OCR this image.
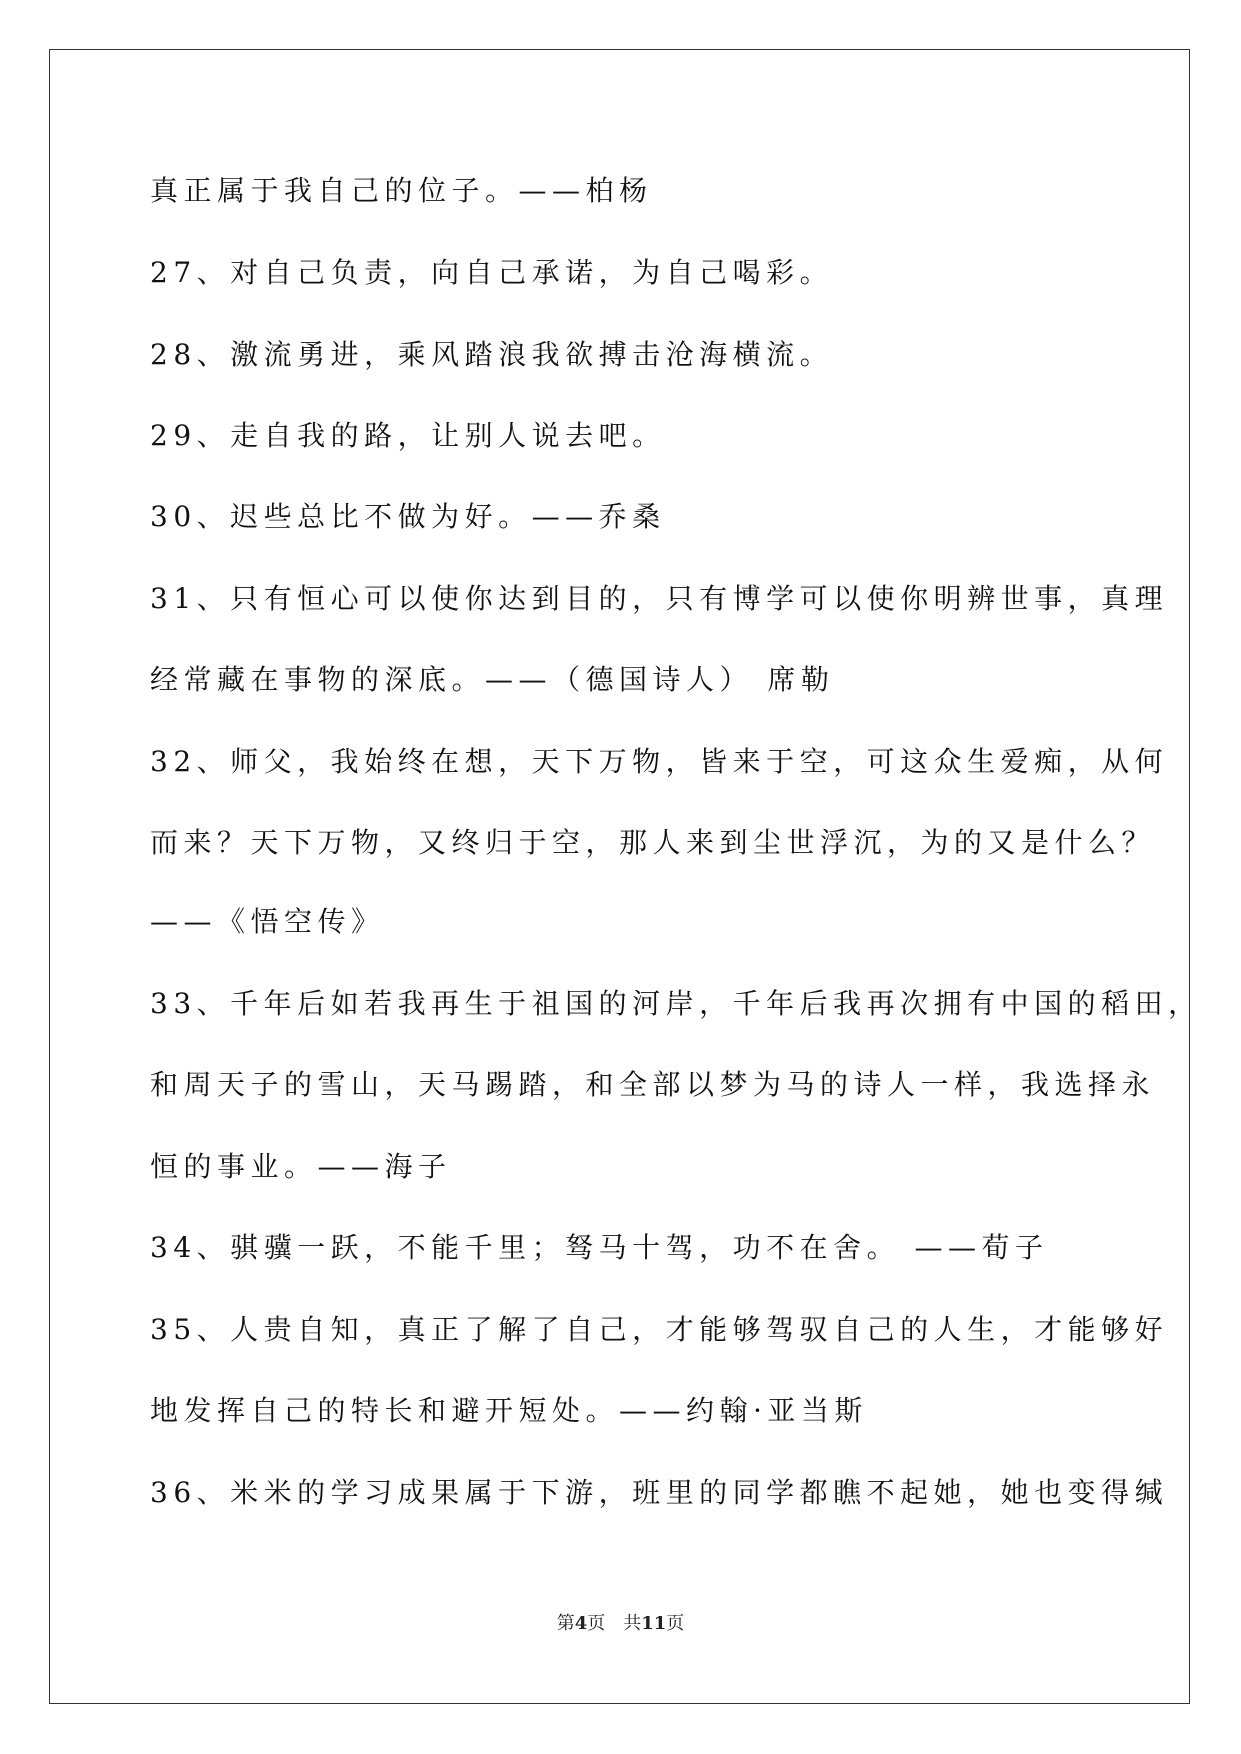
真正属于我自己的位子。——柏杨
27、对自己负责，向自己承诺，为自己喝彩。
28、激流勇进，乘风踏浪我欲搏击沧海横流。
29、走自我的路，让别人说去吧。
30、迟些总比不做为好。——乔桑
31、只有恒心可以使你达到目的，只有博学可以使你明辨世事，真理
经常藏在事物的深底。——（德国诗人） 席勒
32、师父，我始终在想，天下万物，皆来于空，可这众生爱痴，从何
而来？天下万物，又终归于空，那人来到尘世浮沉，为的又是什么？
——《悟空传》
33、千年后如若我再生于祖国的河岸，千年后我再次拥有中国的稻田，
和周天子的雪山，天马踢踏，和全部以梦为马的诗人一样，我选择永
恒的事业。——海子
34、骐骥一跃，不能千里；驽马十驾，功不在舍。 ——荀子
35、人贵自知，真正了解了自己，才能够驾驭自己的人生，才能够好
地发挥自己的特长和避开短处。——约翰·亚当斯
36、米米的学习成果属于下游，班里的同学都瞧不起她，她也变得缄
第4页 共11页
